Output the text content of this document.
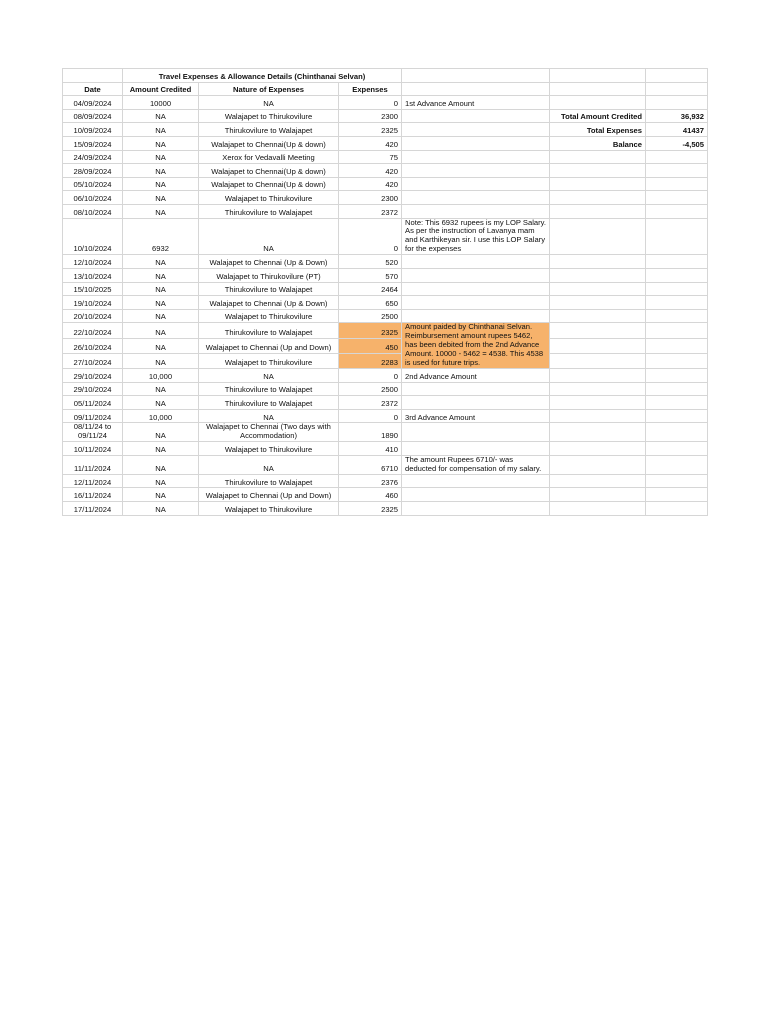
	Travel Expenses & Allowance Details (Chinthanai Selvan)					
Date	Amount Credited	Nature of Expenses	Expenses			
04/09/2024	10000	NA	0	1st Advance Amount		
08/09/2024	NA	Walajapet to Thirukovilure	2300		Total Amount Credited	36,932
10/09/2024	NA	Thirukovilure to Walajapet	2325		Total Expenses	41437
15/09/2024	NA	Walajapet to Chennai(Up & down)	420		Balance	-4,505
24/09/2024	NA	Xerox for Vedavalli Meeting	75			
28/09/2024	NA	Walajapet to Chennai(Up & down)	420			
05/10/2024	NA	Walajapet to Chennai(Up & down)	420			
06/10/2024	NA	Walajapet to Thirukovilure	2300			
08/10/2024	NA	Thirukovilure to Walajapet	2372			
10/10/2024	6932	NA	0	Note: This 6932 rupees is my LOP Salary. As per the instruction of Lavanya mam and Karthikeyan sir. I use this LOP Salary for the expenses		
12/10/2024	NA	Walajapet to Chennai (Up & Down)	520			
13/10/2024	NA	Walajapet to Thirukovilure (PT)	570			
15/10/2025	NA	Thirukovilure to Walajapet	2464			
19/10/2024	NA	Walajapet to Chennai (Up & Down)	650			
20/10/2024	NA	Walajapet to Thirukovilure	2500			
22/10/2024	NA	Thirukovilure to Walajapet	2325	Amount paided by Chinthanai Selvan. Reimbursement amount rupees 5462, has been debited from the 2nd Advance Amount. 10000 - 5462 = 4538. This 4538 is used for future trips.		
26/10/2024	NA	Walajapet to Chennai (Up and Down)	450			
27/10/2024	NA	Walajapet to Thirukovilure	2283			
29/10/2024	10,000	NA	0	2nd Advance Amount		
29/10/2024	NA	Thirukovilure to Walajapet	2500			
05/11/2024	NA	Thirukovilure to Walajapet	2372			
09/11/2024	10,000	NA	0	3rd Advance Amount		
08/11/24 to 09/11/24	NA	Walajapet to Chennai (Two days with Accommodation)	1890			
10/11/2024	NA	Walajapet to Thirukovilure	410			
11/11/2024	NA	NA	6710	The amount Rupees 6710/- was deducted for compensation of my salary.		
12/11/2024	NA	Thirukovilure to Walajapet	2376			
16/11/2024	NA	Walajapet to Chennai (Up and Down)	460			
17/11/2024	NA	Walajapet to Thirukovilure	2325			
